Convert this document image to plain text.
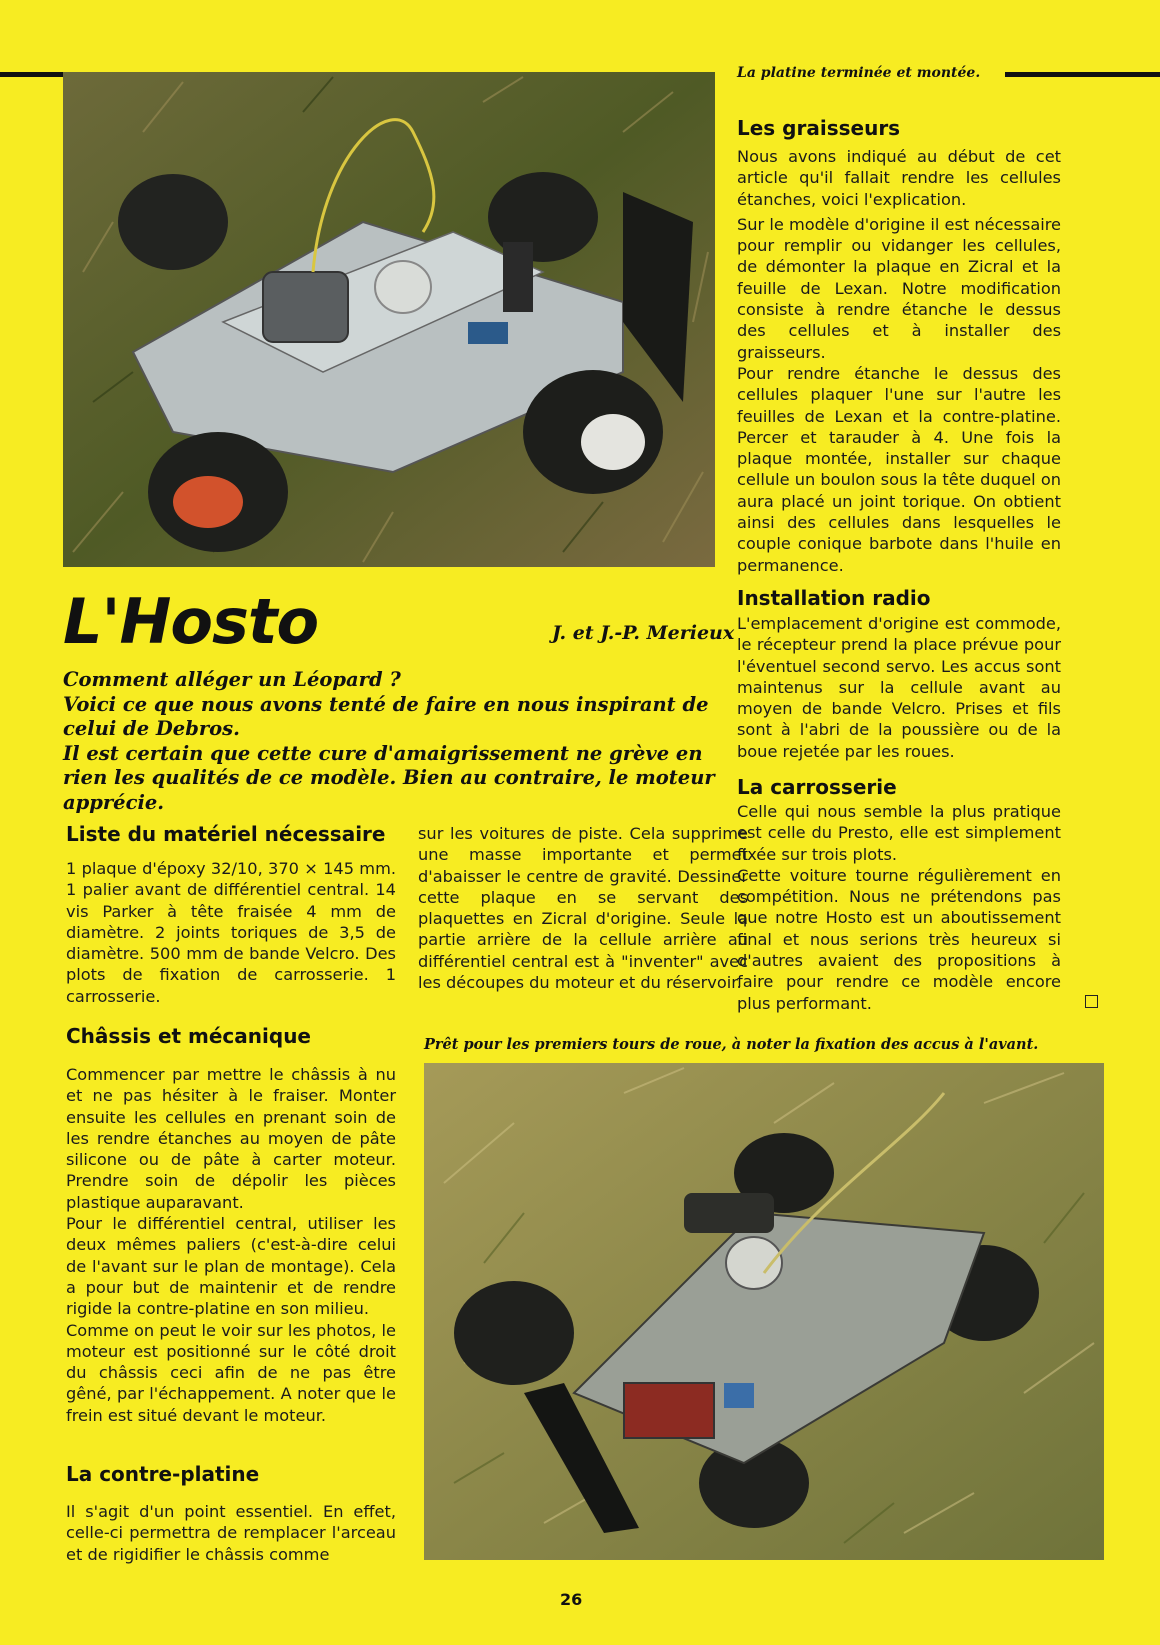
La platine terminée et montée.
Les graisseurs

Nous avons indiqué au début de cet article qu'il fallait rendre les cellules étanches, voici l'explication.

Sur le modèle d'origine il est nécessaire pour remplir ou vidanger les cellules, de démonter la plaque en Zicral et la feuille de Lexan. Notre modification consiste à rendre étanche le dessus des cellules et à installer des graisseurs.

Pour rendre étanche le dessus des cellules plaquer l'une sur l'autre les feuilles de Lexan et la contre-platine. Percer et tarauder à 4. Une fois la plaque montée, installer sur chaque cellule un boulon sous la tête duquel on aura placé un joint torique. On obtient ainsi des cellules dans lesquelles le couple conique barbote dans l'huile en permanence.

Installation radio

L'emplacement d'origine est commode, le récepteur prend la place prévue pour l'éventuel second servo. Les accus sont maintenus sur la cellule avant au moyen de bande Velcro. Prises et fils sont à l'abri de la poussière ou de la boue rejetée par les roues.

La carrosserie

Celle qui nous semble la plus pratique est celle du Presto, elle est simplement fixée sur trois plots.

Cette voiture tourne régulièrement en compétition. Nous ne prétendons pas que notre Hosto est un aboutissement final et nous serions très heureux si d'autres avaient des propositions à faire pour rendre ce modèle encore plus performant.

L'Hosto	J. et J.-P. Merieux
Comment alléger un Léopard ?
Voici ce que nous avons tenté de faire en nous inspirant de celui de Debros.
Il est certain que cette cure d'amaigrissement ne grève en rien les qualités de ce modèle. Bien au contraire, le moteur apprécie.
Liste du matériel nécessaire

1 plaque d'époxy 32/10, 370 × 145 mm. 1 palier avant de différentiel central. 14 vis Parker à tête fraisée 4 mm de diamètre. 2 joints toriques de 3,5 de diamètre. 500 mm de bande Velcro. Des plots de fixation de carrosserie. 1 carrosserie.

Châssis et mécanique

Commencer par mettre le châssis à nu et ne pas hésiter à le fraiser. Monter ensuite les cellules en prenant soin de les rendre étanches au moyen de pâte silicone ou de pâte à carter moteur. Prendre soin de dépolir les pièces plastique auparavant.

Pour le différentiel central, utiliser les deux mêmes paliers (c'est-à-dire celui de l'avant sur le plan de montage). Cela a pour but de maintenir et de rendre rigide la contre-platine en son milieu.

Comme on peut le voir sur les photos, le moteur est positionné sur le côté droit du châssis ceci afin de ne pas être gêné, par l'échappement. A noter que le frein est situé devant le moteur.

La contre-platine

Il s'agit d'un point essentiel. En effet, celle-ci permettra de remplacer l'arceau et de rigidifier le châssis comme

sur les voitures de piste. Cela supprime une masse importante et permet d'abaisser le centre de gravité. Dessiner cette plaque en se servant des plaquettes en Zicral d'origine. Seule la partie arrière de la cellule arrière au différentiel central est à "inventer" avec les découpes du moteur et du réservoir.

Prêt pour les premiers tours de roue, à noter la fixation des accus à l'avant.
26
